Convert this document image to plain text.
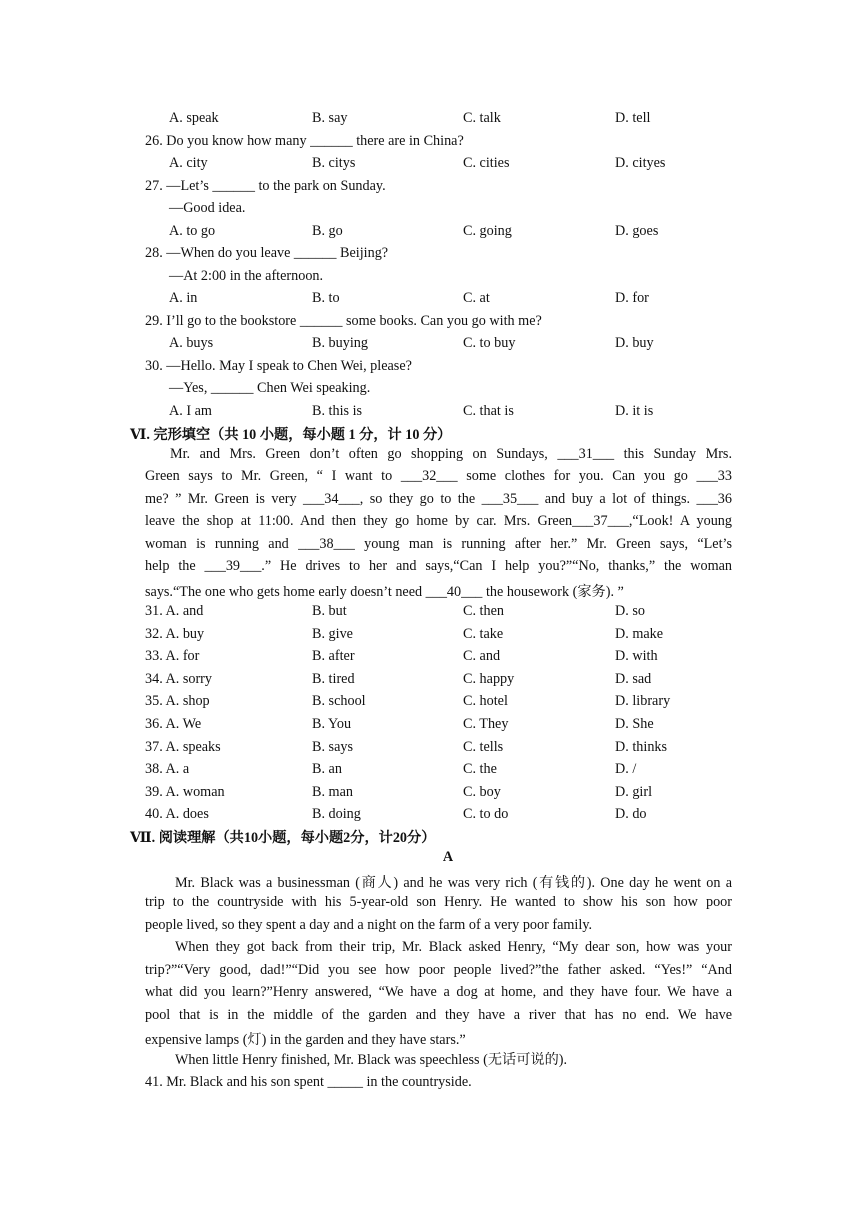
A. speak	B. say	C. talk	D. tell
26. Do you know how many ______ there are in China?
A. city	B. citys	C. cities	D. cityes
27. —Let’s ______ to the park on Sunday.
—Good idea.
A. to go	B. go	C. going	D. goes
28. —When do you leave ______ Beijing?
—At 2:00 in the afternoon.
A. in	B. to	C. at	D. for
29. I’ll go to the bookstore ______ some books. Can you go with me?
A. buys	B. buying	C. to buy	D. buy
30. —Hello. May I speak to Chen Wei, please?
—Yes, ______ Chen Wei speaking.
A. I am	B. this is	C. that is	D. it is
Ⅵ. 完形填空（共 10 小题，每小题 1 分，计 10 分）
Mr. and Mrs. Green don’t often go shopping on Sundays, ___31___ this Sunday Mrs.
Green says to Mr. Green, “ I want to ___32___ some clothes for you. Can you go ___33
me? ” Mr. Green is very ___34___, so they go to the ___35___ and buy a lot of things. ___36
leave the shop at 11:00. And then they go home by car. Mrs. Green___37___,“Look! A young
woman is running and ___38___ young man is running after her.” Mr. Green says, “Let’s
help the ___39___.” He drives to her and says,“Can I help you?”“No, thanks,” the woman
says.“The one who gets home early doesn’t need ___40___ the housework (家务). ”
31. A. and	B. but	C. then	D. so
32. A. buy	B. give	C. take	D. make
33. A. for	B. after	C. and	D. with
34. A. sorry	B. tired	C. happy	D. sad
35. A. shop	B. school	C. hotel	D. library
36. A. We	B. You	C. They	D. She
37. A. speaks	B. says	C. tells	D. thinks
38. A. a	B. an	C. the	D. /
39. A. woman	B. man	C. boy	D. girl
40. A. does	B. doing	C. to do	D. do
Ⅶ. 阅读理解（共10小题，每小题2分，计20分）
A
Mr. Black was a businessman (商人) and he was very rich (有钱的). One day he went on a
trip to the countryside with his 5-year-old son Henry. He wanted to show his son how poor
people lived, so they spent a day and a night on the farm of a very poor family.
When they got back from their trip, Mr. Black asked Henry, “My dear son, how was your
trip?”“Very good, dad!”“Did you see how poor people lived?”the father asked. “Yes!” “And
what did you learn?”Henry answered, “We have a dog at home, and they have four. We have a
pool that is in the middle of the garden and they have a river that has no end. We have
expensive lamps (灯) in the garden and they have stars.”
When little Henry finished, Mr. Black was speechless (无话可说的).
41. Mr. Black and his son spent _____ in the countryside.
